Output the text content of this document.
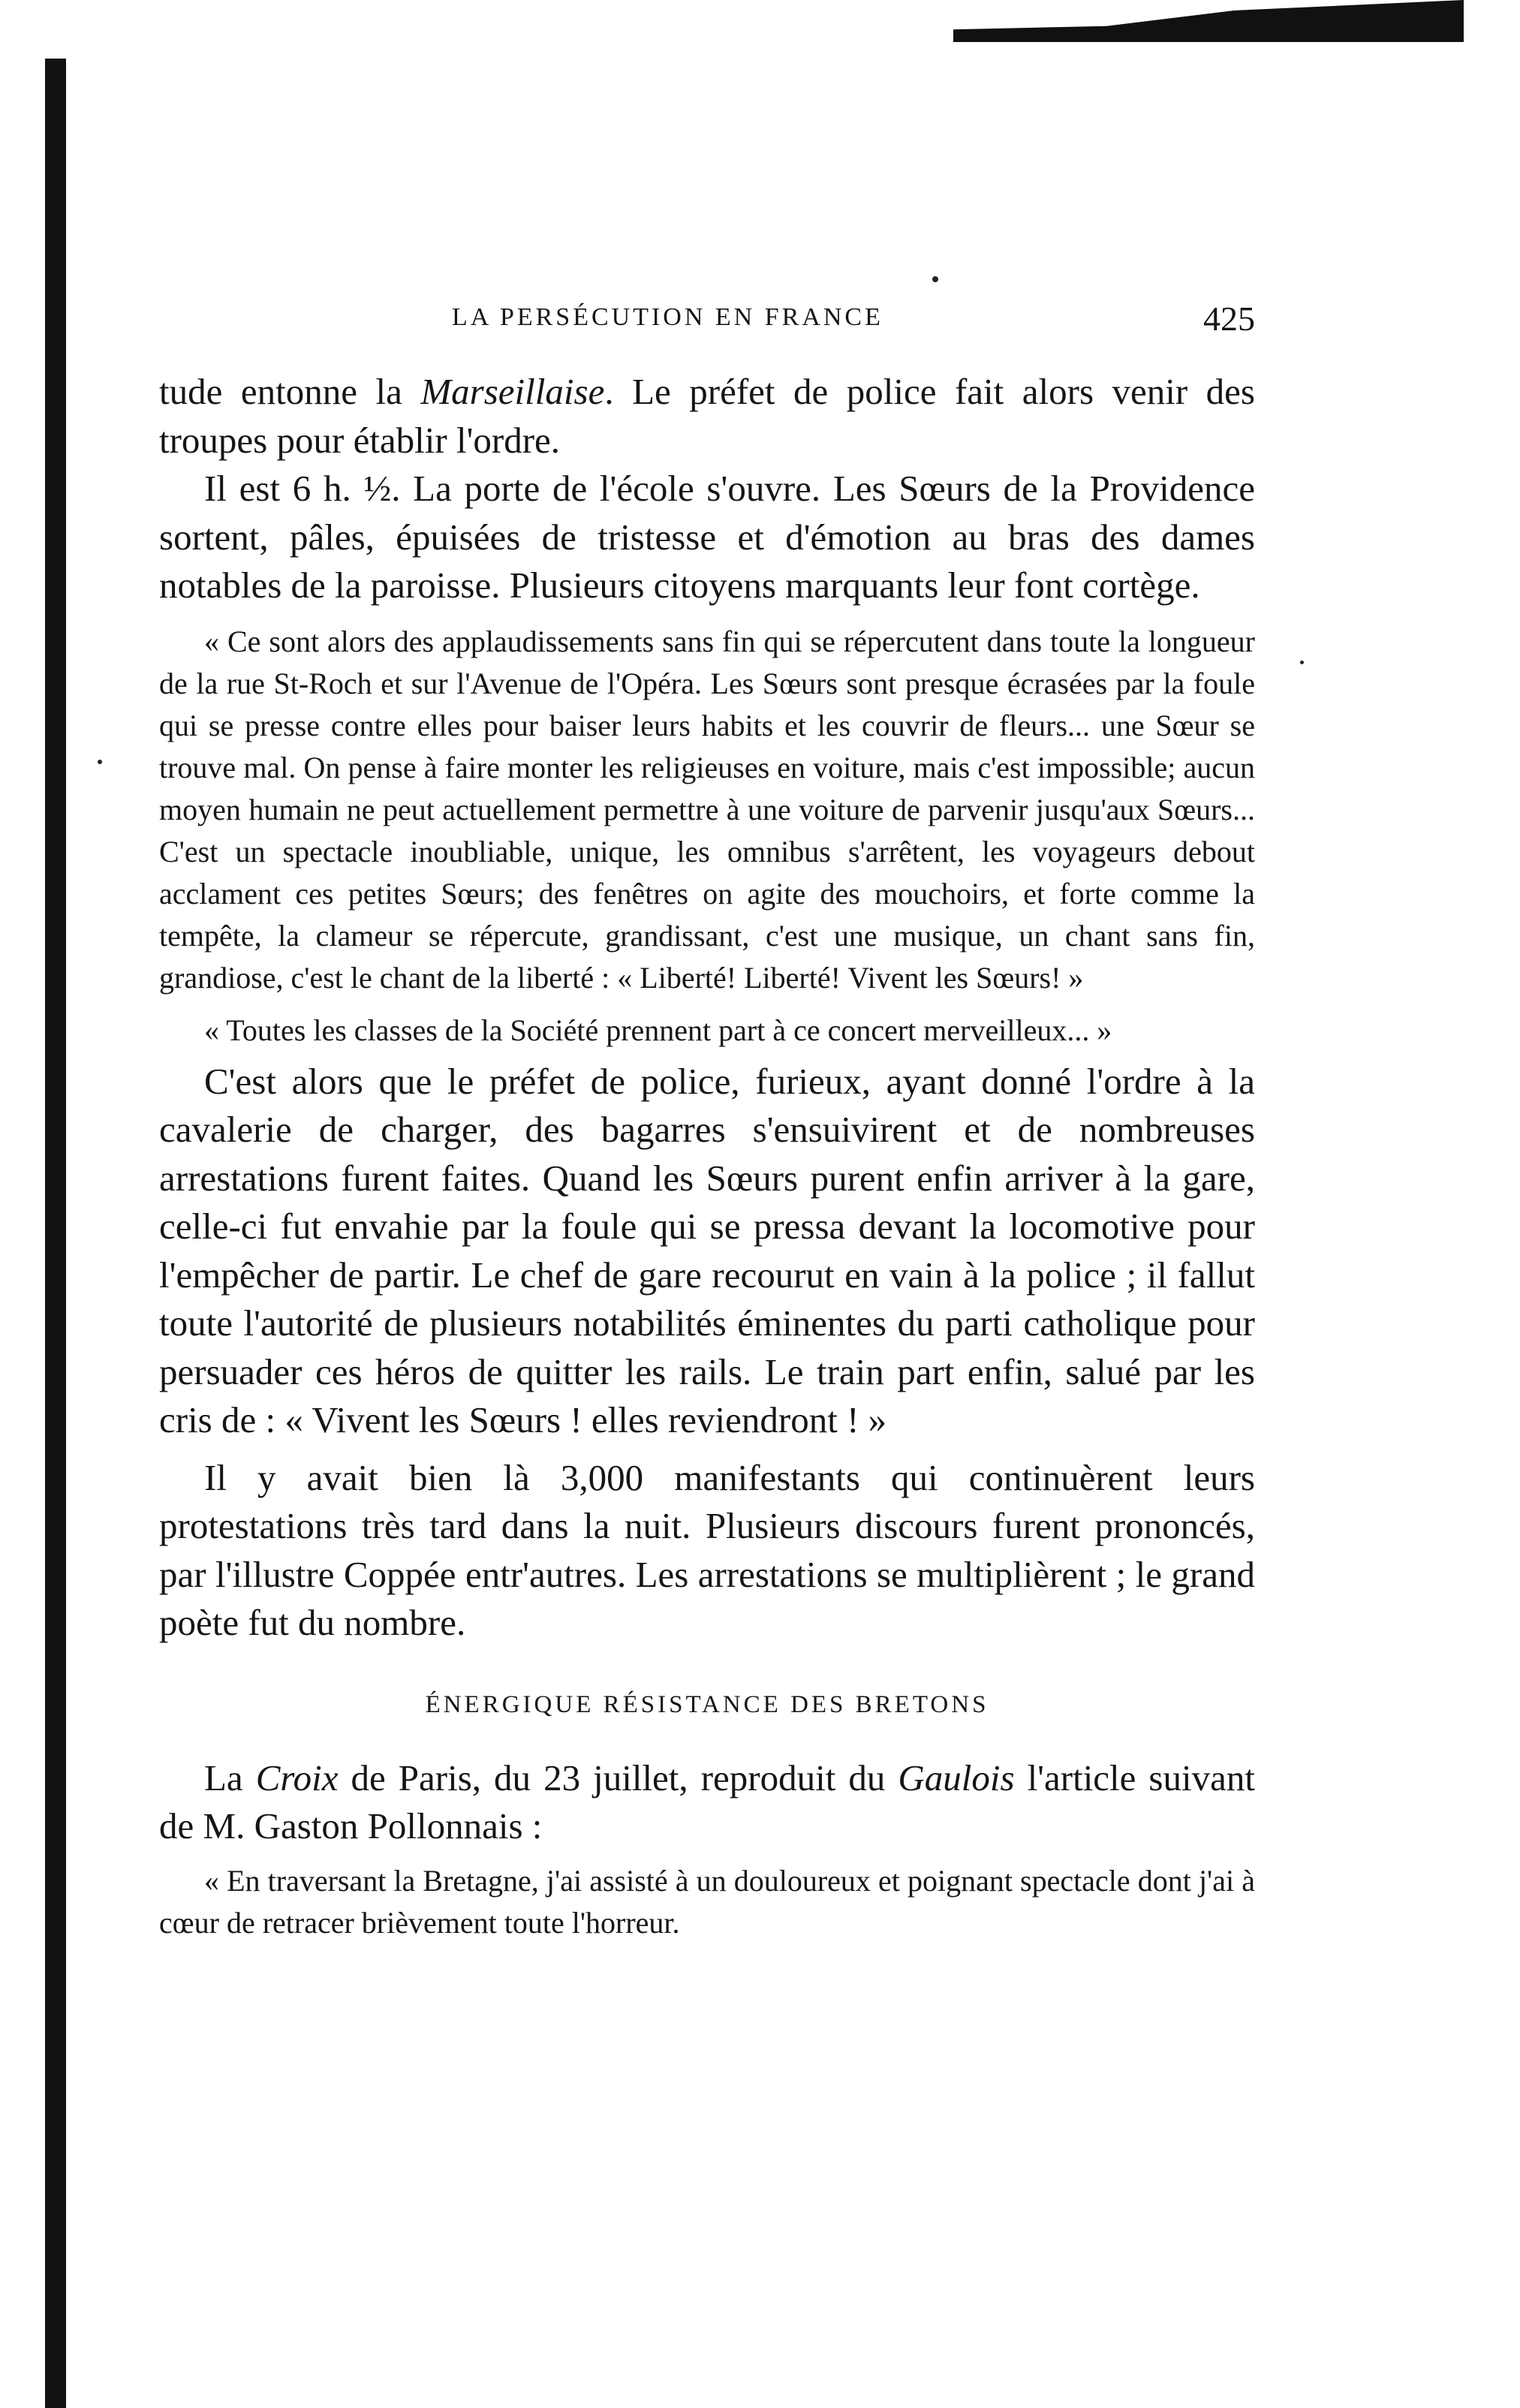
LA PERSÉCUTION EN FRANCE	425

tude entonne la Marseillaise. Le préfet de police fait alors venir des troupes pour établir l'ordre.

Il est 6 h. ½. La porte de l'école s'ouvre. Les Sœurs de la Providence sortent, pâles, épuisées de tristesse et d'émotion au bras des dames notables de la paroisse. Plusieurs citoyens marquants leur font cortège.

« Ce sont alors des applaudissements sans fin qui se répercutent dans toute la longueur de la rue St-Roch et sur l'Avenue de l'Opéra. Les Sœurs sont presque écrasées par la foule qui se presse contre elles pour baiser leurs habits et les couvrir de fleurs... une Sœur se trouve mal. On pense à faire monter les religieuses en voiture, mais c'est impossible; aucun moyen humain ne peut actuellement permettre à une voiture de parvenir jusqu'aux Sœurs... C'est un spectacle inoubliable, unique, les omnibus s'arrêtent, les voyageurs debout acclament ces petites Sœurs; des fenêtres on agite des mouchoirs, et forte comme la tempête, la clameur se répercute, grandissant, c'est une musique, un chant sans fin, grandiose, c'est le chant de la liberté : « Liberté! Liberté! Vivent les Sœurs! »

« Toutes les classes de la Société prennent part à ce concert merveilleux... »

C'est alors que le préfet de police, furieux, ayant donné l'ordre à la cavalerie de charger, des bagarres s'ensuivirent et de nombreuses arrestations furent faites. Quand les Sœurs purent enfin arriver à la gare, celle-ci fut envahie par la foule qui se pressa devant la locomotive pour l'empêcher de partir. Le chef de gare recourut en vain à la police ; il fallut toute l'autorité de plusieurs notabilités éminentes du parti catholique pour persuader ces héros de quitter les rails. Le train part enfin, salué par les cris de : « Vivent les Sœurs ! elles reviendront ! »

Il y avait bien là 3,000 manifestants qui continuèrent leurs protestations très tard dans la nuit. Plusieurs discours furent prononcés, par l'illustre Coppée entr'autres. Les arrestations se multiplièrent ; le grand poète fut du nombre.

ÉNERGIQUE RÉSISTANCE DES BRETONS

La Croix de Paris, du 23 juillet, reproduit du Gaulois l'article suivant de M. Gaston Pollonnais :

« En traversant la Bretagne, j'ai assisté à un douloureux et poignant spectacle dont j'ai à cœur de retracer brièvement toute l'horreur.
